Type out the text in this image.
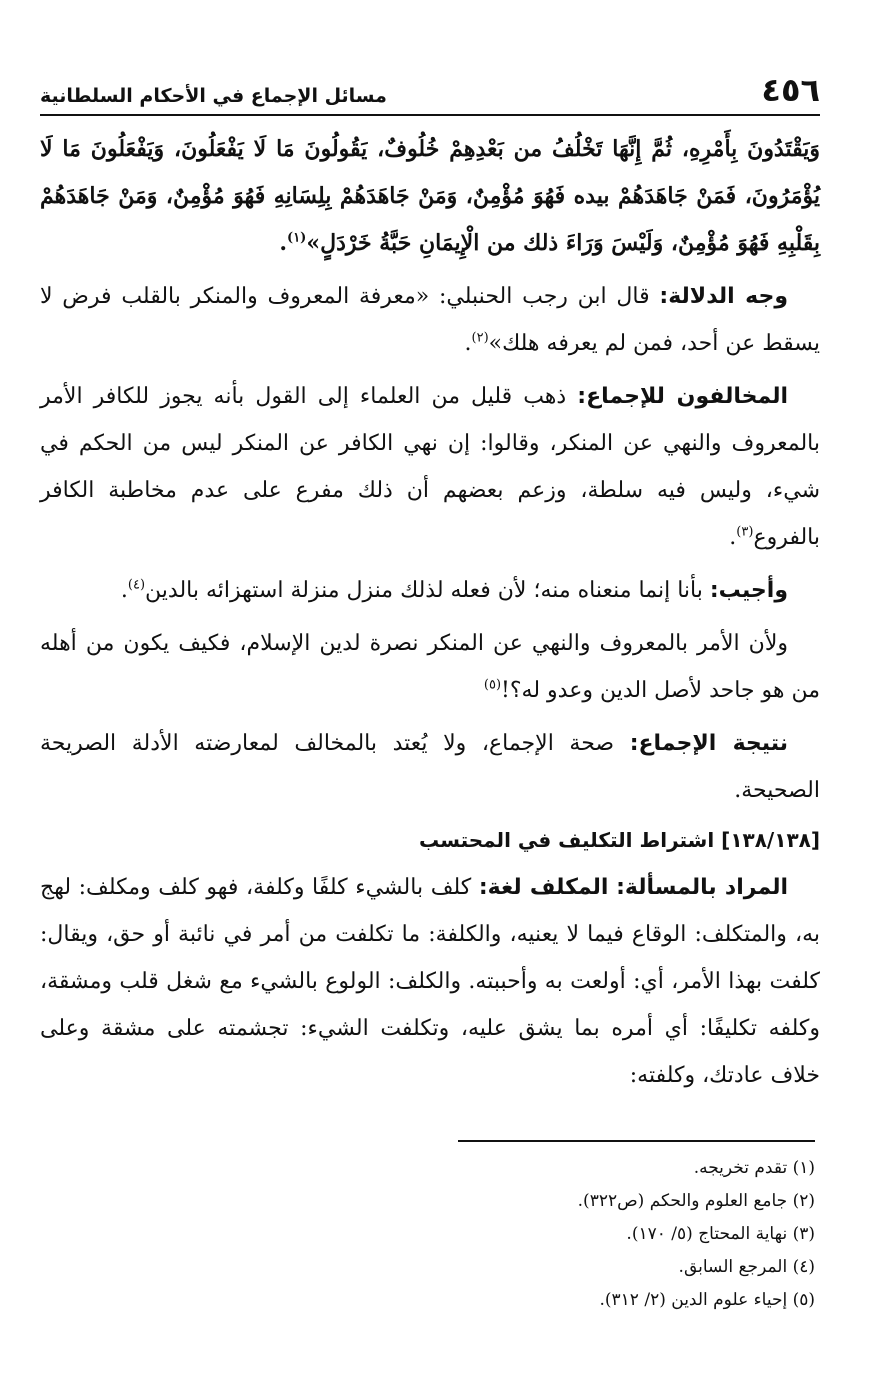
٤٥٦
مسائل الإجماع في الأحكام السلطانية

وَيَقْتَدُونَ بِأَمْرِهِ، ثُمَّ إِنَّهَا تَخْلُفُ من بَعْدِهِمْ خُلُوفٌ، يَقُولُونَ مَا لَا يَفْعَلُونَ، وَيَفْعَلُونَ مَا لَا يُؤْمَرُونَ، فَمَنْ جَاهَدَهُمْ بيده فَهُوَ مُؤْمِنٌ، وَمَنْ جَاهَدَهُمْ بِلِسَانِهِ فَهُوَ مُؤْمِنٌ، وَمَنْ جَاهَدَهُمْ بِقَلْبِهِ فَهُوَ مُؤْمِنٌ، وَلَيْسَ وَرَاءَ ذلك من الْإِيمَانِ حَبَّةُ خَرْدَلٍ»$^{(١)}$.

وجه الدلالة: قال ابن رجب الحنبلي: «معرفة المعروف والمنكر بالقلب فرض لا يسقط عن أحد، فمن لم يعرفه هلك»$^{(٢)}$.

المخالفون للإجماع: ذهب قليل من العلماء إلى القول بأنه يجوز للكافر الأمر بالمعروف والنهي عن المنكر، وقالوا: إن نهي الكافر عن المنكر ليس من الحكم في شيء، وليس فيه سلطة، وزعم بعضهم أن ذلك مفرع على عدم مخاطبة الكافر بالفروع$^{(٣)}$.

وأجيب: بأنا إنما منعناه منه؛ لأن فعله لذلك منزل منزلة استهزائه بالدين$^{(٤)}$.

ولأن الأمر بالمعروف والنهي عن المنكر نصرة لدين الإسلام، فكيف يكون من أهله من هو جاحد لأصل الدين وعدو له؟!$^{(٥)}$

نتيجة الإجماع: صحة الإجماع، ولا يُعتد بالمخالف لمعارضته الأدلة الصريحة الصحيحة.

[١٣٨/١٣٨] اشتراط التكليف في المحتسب

المراد بالمسألة: المكلف لغة: كلف بالشيء كلفًا وكلفة، فهو كلف ومكلف: لهج به، والمتكلف: الوقاع فيما لا يعنيه، والكلفة: ما تكلفت من أمر في نائبة أو حق، ويقال: كلفت بهذا الأمر، أي: أولعت به وأحببته. والكلف: الولوع بالشيء مع شغل قلب ومشقة، وكلفه تكليفًا: أي أمره بما يشق عليه، وتكلفت الشيء: تجشمته على مشقة وعلى خلاف عادتك، وكلفته:

(١) تقدم تخريجه.
(٢) جامع العلوم والحكم (ص٣٢٢).
(٣) نهاية المحتاج (٥/ ١٧٠).
(٤) المرجع السابق.
(٥) إحياء علوم الدين (٢/ ٣١٢).
